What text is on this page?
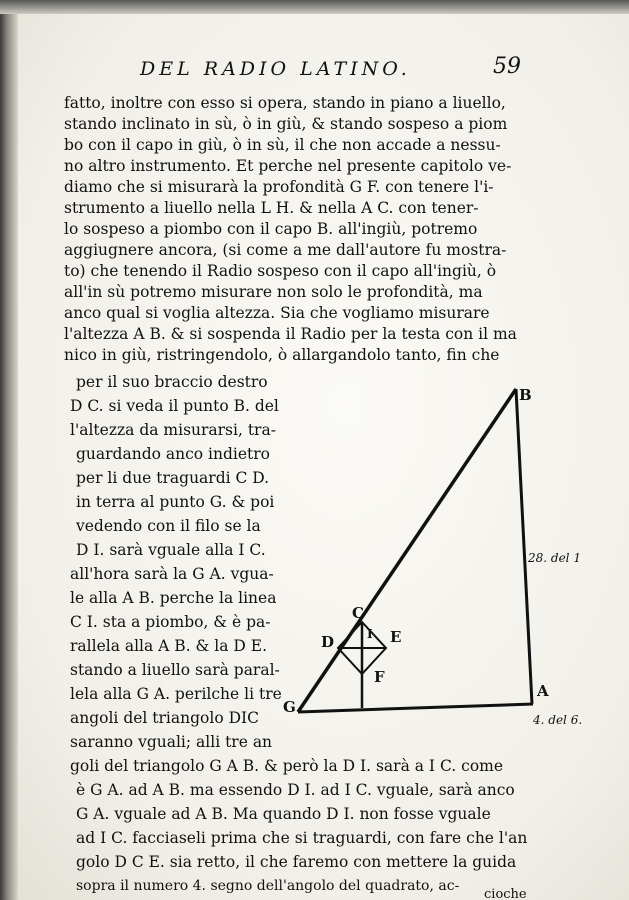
DEL RADIO LATINO.	59
fatto, inoltre con esso si opera, stando in piano a liuello,
stando inclinato in sù, ò in giù, & stando sospeso a piom
bo con il capo in giù, ò in sù, il che non accade a nessu-
no altro instrumento. Et perche nel presente capitolo ve-
diamo che si misurarà la profondità G F. con tenere l'i-
strumento a liuello nella L H. & nella A C. con tener-
lo sospeso a piombo con il capo B. all'ingiù, potremo
aggiugnere ancora, (si come a me dall'autore fu mostra-
to) che tenendo il Radio sospeso con il capo all'ingiù, ò
all'in sù potremo misurare non solo le profondità, ma
anco qual si voglia altezza. Sia che vogliamo misurare
l'altezza A B. & si sospenda il Radio per la testa con il ma
nico in giù, ristringendolo, ò allargandolo tanto, fin che
per il suo braccio destro
D C. si veda il punto B. del
l'altezza da misurarsi, tra-
guardando anco indietro
per li due traguardi C D.
in terra al punto G. & poi
vedendo con il filo se la
D I. sarà vguale alla I C.
all'hora sarà la G A. vgua-
le alla A B. perche la linea
C I. sta a piombo, & è pa-
rallela alla A B. & la D E.
stando a liuello sarà paral-
lela alla G A. perilche li tre
angoli del triangolo DIC
saranno vguali; alli tre an
goli del triangolo G A B. & però la D I. sarà a I C. come
è G A. ad A B. ma essendo D I. ad I C. vguale, sarà anco
G A. vguale ad A B. Ma quando D I. non fosse vguale
ad I C. facciaseli prima che si traguardi, con fare che l'an
golo D C E. sia retto, il che faremo con mettere la guida
sopra il numero 4. segno dell'angolo del quadrato, ac-
cioche
B
C
D	I E
F
G
A
28. del 1
4. del 6.
